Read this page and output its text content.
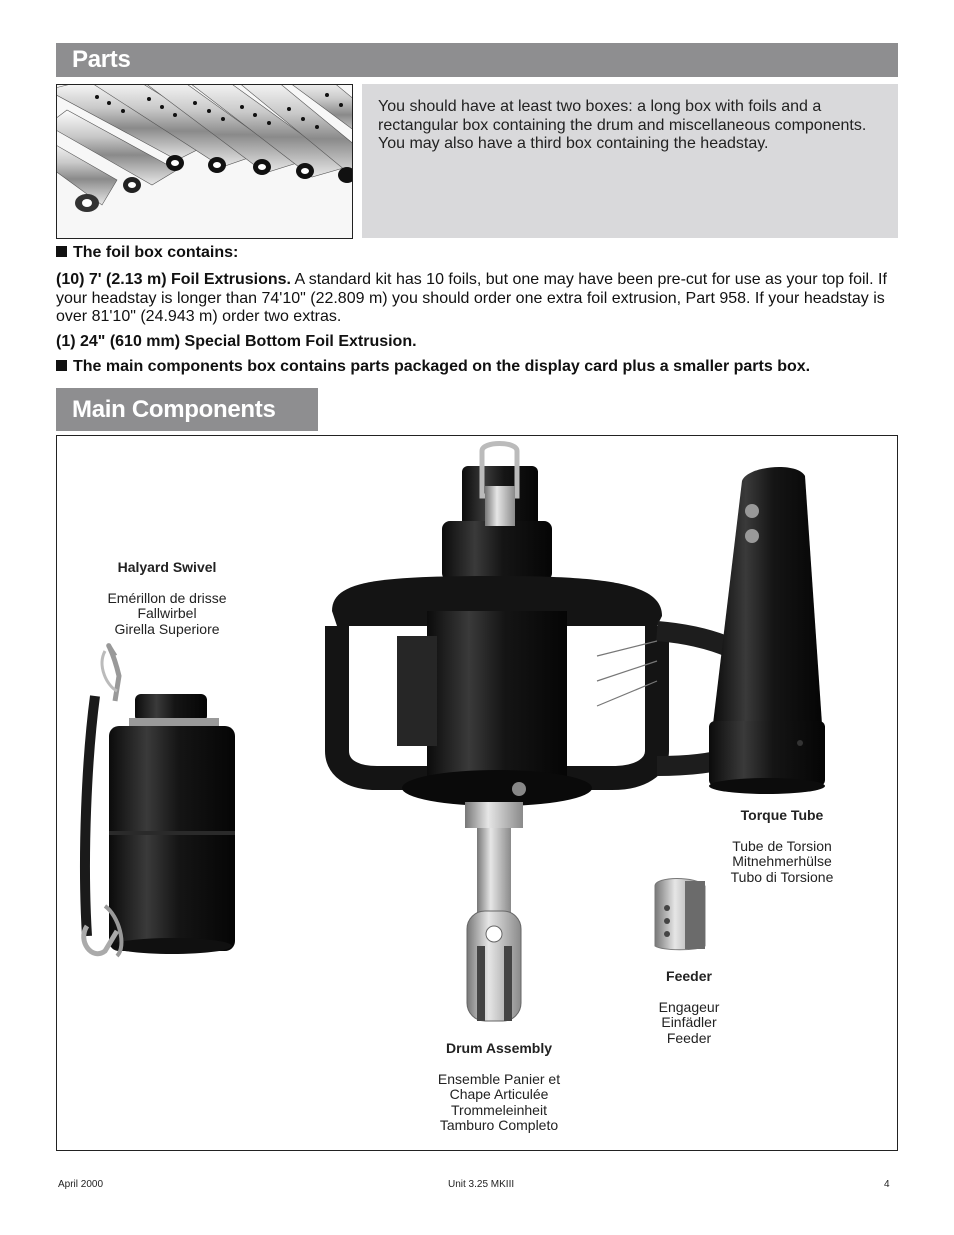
Parts
You should have at least two boxes: a long box with foils and a rectangular box containing the drum and miscellaneous components. You may also have a third box containing the headstay.
The foil box contains:
(10) 7' (2.13 m) Foil Extrusions. A standard kit has 10 foils, but one may have been pre-cut for use as your top foil. If your headstay is longer than 74'10" (22.809 m) you should order one extra foil extrusion, Part 958. If your headstay is over 81'10" (24.943 m) order two extras.
(1) 24" (610 mm) Special Bottom Foil Extrusion.
The main components box contains parts packaged on the display card plus a smaller parts box.
Main Components
Halyard Swivel
Emérillon de drisse
Fallwirbel
Girella Superiore
Torque Tube
Tube de Torsion
Mitnehmerhülse
Tubo di Torsione
Feeder
Engageur
Einfädler
Feeder
Drum Assembly
Ensemble Panier et
Chape Articulée
Trommeleinheit
Tamburo Completo
April 2000	Unit 3.25 MKIII	4
